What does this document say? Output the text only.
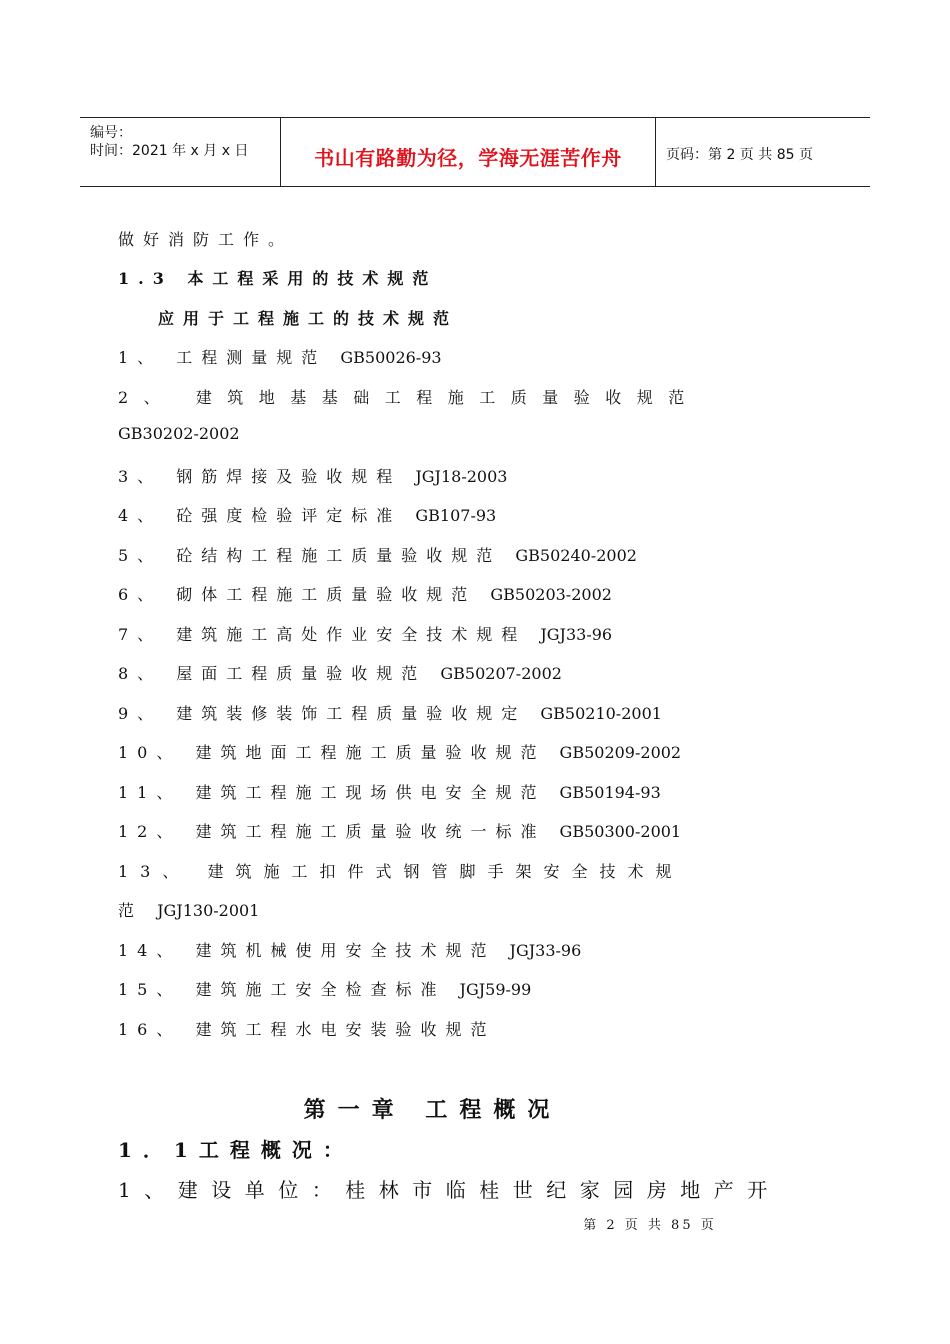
编号：
时间：2021 年 x 月 x 日	书山有路勤为径，学海无涯苦作舟	页码：第 2 页 共 85 页
做好消防工作。
1.3 本工程采用的技术规范
应用于工程施工的技术规范
1、 工程测量规范 GB50026-93
2、 建筑地基基础工程施工质量验收规范
GB30202-2002
3、 钢筋焊接及验收规程 JGJ18-2003
4、 砼强度检验评定标准 GB107-93
5、 砼结构工程施工质量验收规范 GB50240-2002
6、 砌体工程施工质量验收规范 GB50203-2002
7、 建筑施工高处作业安全技术规程 JGJ33-96
8、 屋面工程质量验收规范 GB50207-2002
9、 建筑装修装饰工程质量验收规定 GB50210-2001
10、 建筑地面工程施工质量验收规范 GB50209-2002
11、 建筑工程施工现场供电安全规范 GB50194-93
12、 建筑工程施工质量验收统一标准 GB50300-2001
13、 建筑施工扣件式钢管脚手架安全技术规
范 JGJ130-2001
14、 建筑机械使用安全技术规范 JGJ33-96
15、 建筑施工安全检查标准 JGJ59-99
16、 建筑工程水电安装验收规范
第一章 工程概况
1．1工程概况：
1、建设单位：桂林市临桂世纪家园房地产开
第 2 页 共 85 页
